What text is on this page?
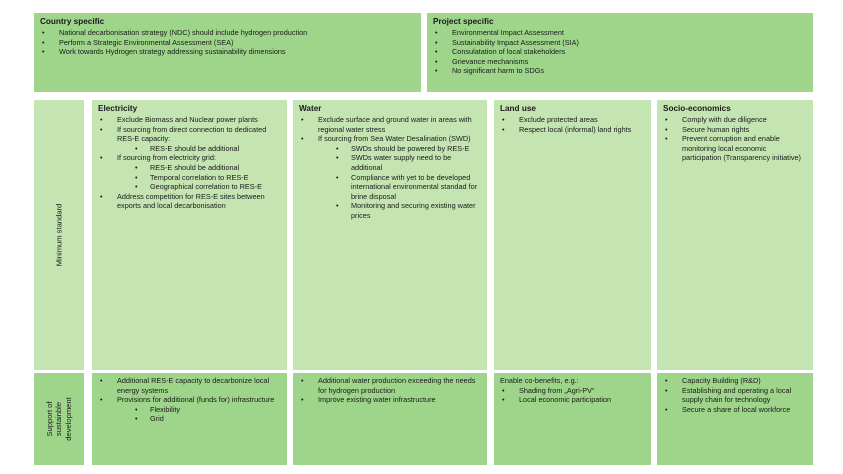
Country specific
• National decarbonisation strategy (NDC) should include hydrogen production
• Perform a Strategic Environmental Assessment (SEA)
• Work towards Hydrogen strategy addressing sustainability dimensions
Project specific
• Environmental Impact Assessment
• Sustainability Impact Assessment (SIA)
• Consulatation of local stakeholders
• Grievance mechanisms
• No significant harm to SDGs
Minimum standard
Support of sustainble development
Electricity
• Exclude Biomass and Nuclear power plants
• If sourcing from direct connection to dedicated RES-E capacity:
• RES-E should be additional
• If sourcing from electricity grid:
• RES-E should be additional
• Temporal correlation to RES-E
• Geographical correlation to RES-E
• Address competition for RES-E sites between exports and local decarbonisation
Water
• Exclude surface and ground water in areas with regional water stress
• If sourcing from Sea Water Desalination (SWD)
• SWDs should be powered by RES-E
• SWDs water supply need to be additional
• Compliance with yet to be developed international environmental standad for brine disposal
• Monitoring and securing existing water prices
Land use
• Exclude protected areas
• Respect local (informal) land rights
Socio-economics
• Comply with due diligence
• Secure human rights
• Prevent corruption and enable monitoring local economic participation (Transparency initiative)
• Additional RES-E capacity to decarbonize local energy systems
• Provisions for additional (funds for) infrastructure
• Flexibility
• Grid
• Additional water production exceeding the needs for hydrogen production
• Improve existing water infrastructure
Enable co-benefits, e.g.:
• Shading from „Agri-PV“
• Local economic participation
• Capacity Building (R&D)
• Establishing and operating a local supply chain for technology
• Secure a share of local workforce
